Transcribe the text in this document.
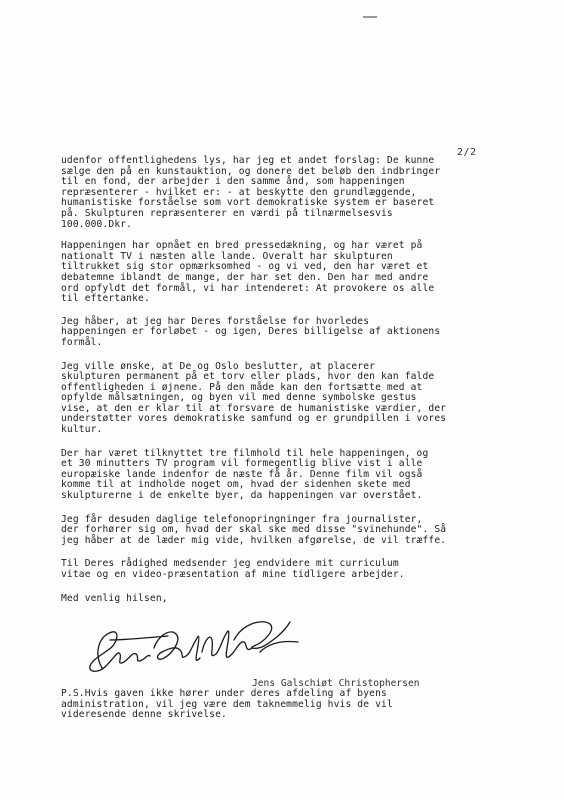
2/2

udenfor offentlighedens lys, har jeg et andet forslag: De kunne
sælge den på en kunstauktion, og donere det beløb den indbringer
til en fond, der arbejder i den samme ånd, som happeningen
repræsenterer - hvilket er: - at beskytte den grundlæggende,
humanistiske forståelse som vort demokratiske system er baseret
på. Skulpturen repræsenterer en værdi på tilnærmelsesvis
100.000.Dkr.

Happeningen har opnået en bred pressedækning, og har været på
nationalt TV i næsten alle lande. Overalt har skulpturen
tiltrukket sig stor opmærksomhed - og vi ved, den har været et
debatemne iblandt de mange, der har set den. Den har med andre
ord opfyldt det formål, vi har intenderet: At provokere os alle
til eftertanke.

Jeg håber, at jeg har Deres forståelse for hvorledes
happeningen er forløbet - og igen, Deres billigelse af aktionens
formål.

Jeg ville ønske, at De og Oslo beslutter, at placerer
skulpturen permanent på et torv eller plads, hvor den kan falde
offentligheden i øjnene. På den måde kan den fortsætte med at
opfylde målsætningen, og byen vil med denne symbolske gestus
vise, at den er klar til at forsvare de humanistiske værdier, der
understøtter vores demokratiske samfund og er grundpillen i vores
kultur.

Der har været tilknyttet tre filmhold til hele happeningen, og
et 30 minutters TV program vil formegentlig blive vist i alle
europæiske lande indenfor de næste få år. Denne film vil også
komme til at indholde noget om, hvad der sidenhen skete med
skulpturerne i de enkelte byer, da happeningen var overstået.

Jeg får desuden daglige telefonopringninger fra journalister,
der forhører sig om, hvad der skal ske med disse "svinehunde". Så
jeg håber at de læder mig vide, hvilken afgørelse, de vil træffe.

Til Deres rådighed medsender jeg endvidere mit curriculum
vitae og en video-præsentation af mine tidligere arbejder.

Med venlig hilsen,

Jens Galschiøt Christophersen

P.S.Hvis gaven ikke hører under deres afdeling af byens
administration, vil jeg være dem taknemmelig hvis de vil
videresende denne skrivelse.
